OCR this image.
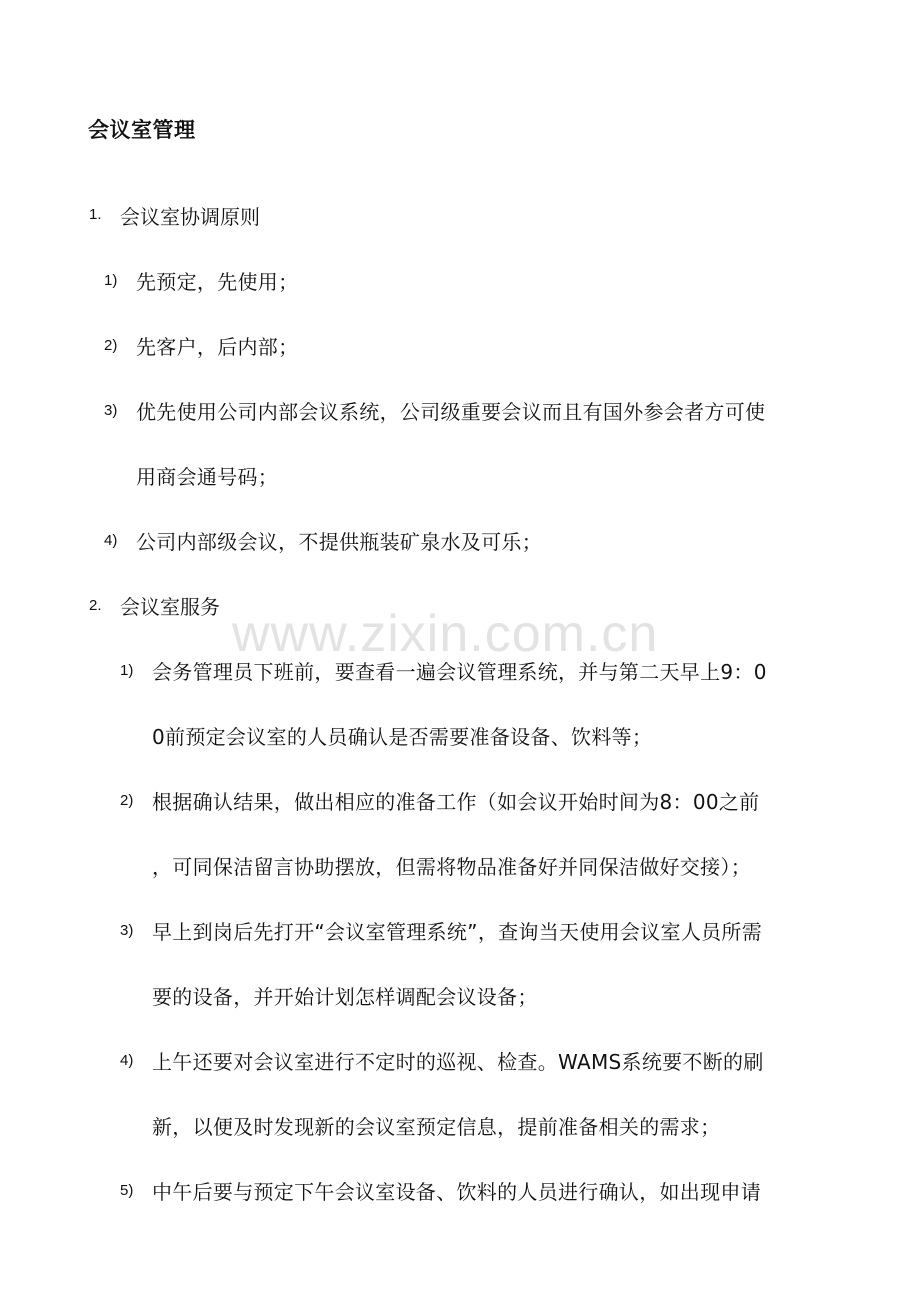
会议室管理
1. 会议室协调原则
1) 先预定，先使用；
2) 先客户，后内部；
3) 优先使用公司内部会议系统，公司级重要会议而且有国外参会者方可使
用商会通号码；
4) 公司内部级会议，不提供瓶装矿泉水及可乐；
2. 会议室服务
1) 会务管理员下班前，要查看一遍会议管理系统，并与第二天早上9：0
0前预定会议室的人员确认是否需要准备设备、饮料等；
2) 根据确认结果，做出相应的准备工作（如会议开始时间为8：00之前
，可同保洁留言协助摆放，但需将物品准备好并同保洁做好交接）；
3) 早上到岗后先打开“会议室管理系统”，查询当天使用会议室人员所需
要的设备，并开始计划怎样调配会议设备；
4) 上午还要对会议室进行不定时的巡视、检查。WAMS系统要不断的刷
新，以便及时发现新的会议室预定信息，提前准备相关的需求；
5) 中午后要与预定下午会议室设备、饮料的人员进行确认，如出现申请
www.zixin.com.cn
